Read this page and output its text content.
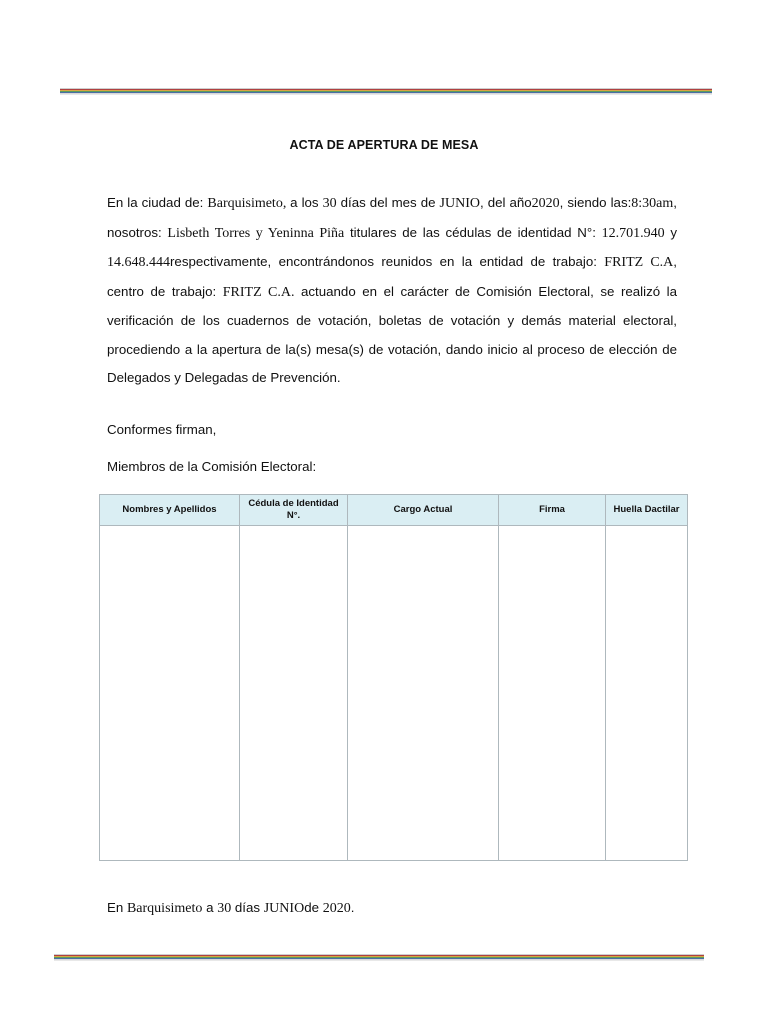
ACTA DE APERTURA DE MESA
En la ciudad de: Barquisimeto, a los 30 días del mes de JUNIO, del año2020, siendo las:8:30am, nosotros: Lisbeth Torres y Yeninna Piña titulares de las cédulas de identidad N°: 12.701.940 y 14.648.444respectivamente, encontrándonos reunidos en la entidad de trabajo: FRITZ C.A, centro de trabajo: FRITZ C.A. actuando en el carácter de Comisión Electoral, se realizó la verificación de los cuadernos de votación, boletas de votación y demás material electoral, procediendo a la apertura de la(s) mesa(s) de votación, dando inicio al proceso de elección de Delegados y Delegadas de Prevención.
Conformes firman,
Miembros de la Comisión Electoral:
Nombres y Apellidos	Cédula de Identidad N°.	Cargo Actual	Firma	Huella Dactilar

En Barquisimeto a 30 días JUNIOde 2020.
